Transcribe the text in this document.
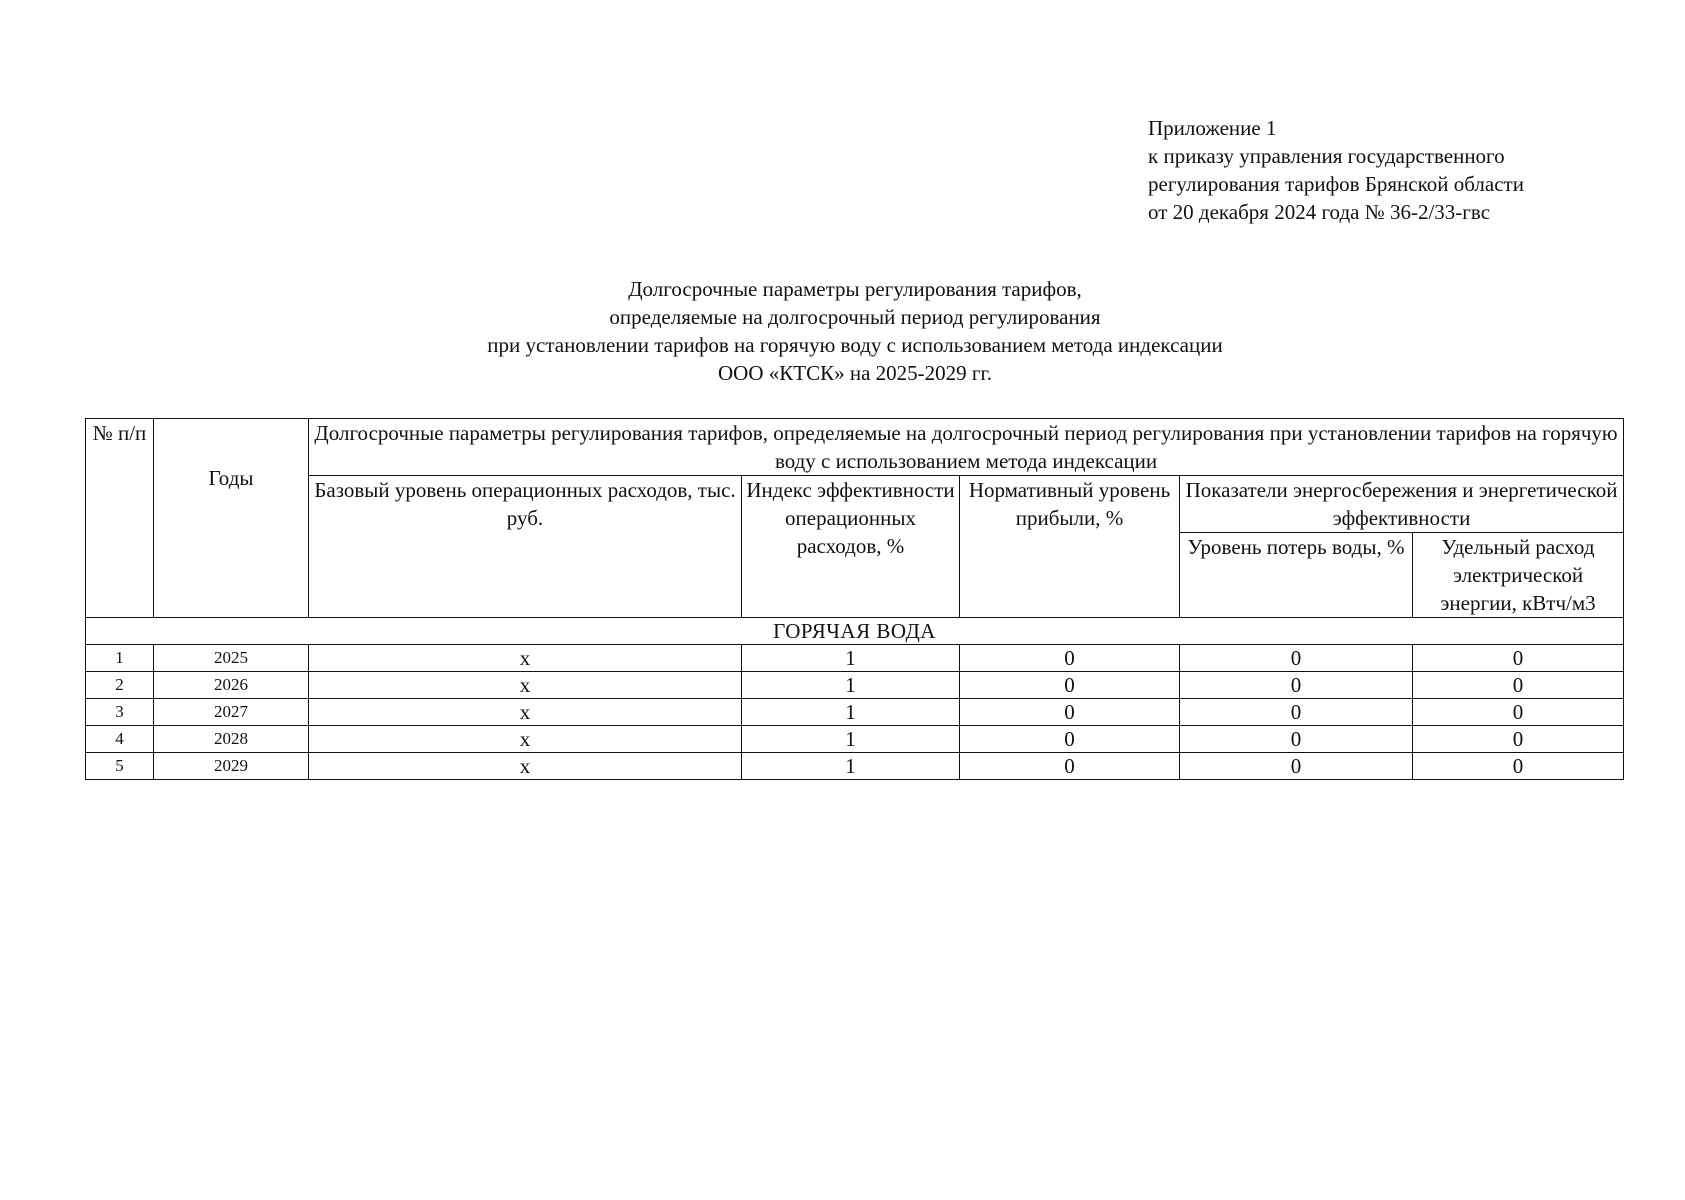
Приложение 1
к приказу управления государственного
регулирования тарифов Брянской области
от 20 декабря 2024 года № 36-2/33-гвс
Долгосрочные параметры регулирования тарифов,
определяемые на долгосрочный период регулирования
при установлении тарифов на горячую воду с использованием метода индексации
ООО «КТСК» на 2025-2029 гг.
№ п/п	Годы	Долгосрочные параметры регулирования тарифов, определяемые на долгосрочный период регулирования при установлении тарифов на горячую воду с использованием метода индексации				
		Базовый уровень операционных расходов, тыс. руб.	Индекс эффективности операционных расходов, %	Нормативный уровень прибыли, %	Показатели энергосбережения и энергетической эффективности	
					Уровень потерь воды, %	Удельный расход электрической энергии, кВтч/м3
ГОРЯЧАЯ ВОДА						
1	2025	х	1	0	0	0
2	2026	х	1	0	0	0
3	2027	х	1	0	0	0
4	2028	х	1	0	0	0
5	2029	х	1	0	0	0
